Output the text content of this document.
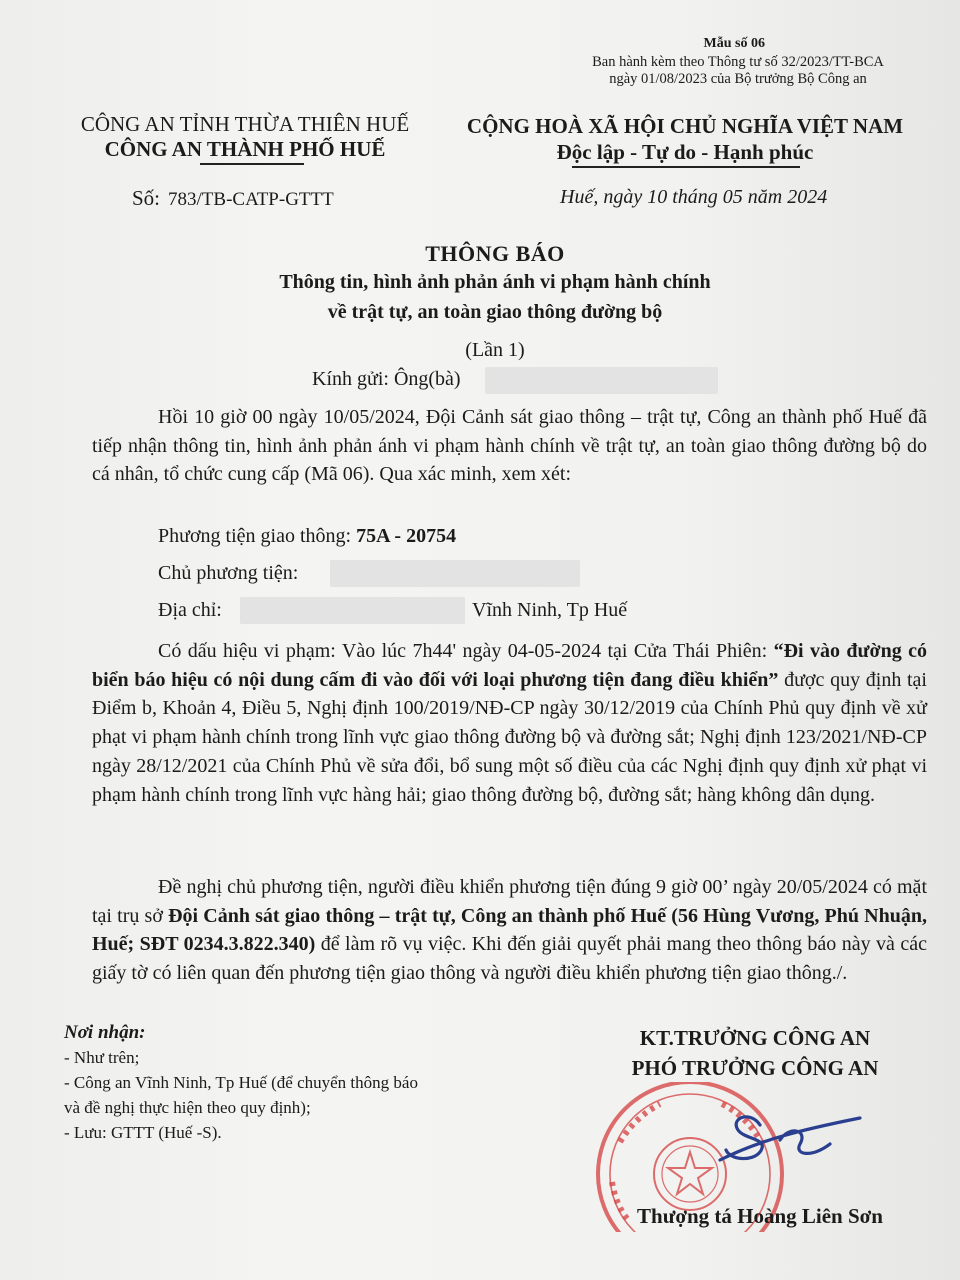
Mẫu số 06
Ban hành kèm theo Thông tư số 32/2023/TT-BCA
ngày 01/08/2023 của Bộ trưởng Bộ Công an
CÔNG AN TỈNH THỪA THIÊN HUẾ
CÔNG AN THÀNH PHỐ HUẾ
CỘNG HOÀ XÃ HỘI CHỦ NGHĨA VIỆT NAM
Độc lập - Tự do - Hạnh phúc
Số: 783/TB-CATP-GTTT	Huế, ngày 10 tháng 05 năm 2024
THÔNG BÁO
Thông tin, hình ảnh phản ánh vi phạm hành chính
về trật tự, an toàn giao thông đường bộ
(Lần 1)
Kính gửi: Ông(bà)
Hồi 10 giờ 00 ngày 10/05/2024, Đội Cảnh sát giao thông – trật tự, Công an thành phố Huế đã tiếp nhận thông tin, hình ảnh phản ánh vi phạm hành chính về trật tự, an toàn giao thông đường bộ do cá nhân, tổ chức cung cấp (Mã 06). Qua xác minh, xem xét:
Phương tiện giao thông: 75A - 20754
Chủ phương tiện:
Địa chỉ:	Vĩnh Ninh, Tp Huế
Có dấu hiệu vi phạm: Vào lúc 7h44' ngày 04-05-2024 tại Cửa Thái Phiên: “Đi vào đường có biển báo hiệu có nội dung cấm đi vào đối với loại phương tiện đang điều khiển” được quy định tại Điểm b, Khoản 4, Điều 5, Nghị định 100/2019/NĐ-CP ngày 30/12/2019 của Chính Phủ quy định về xử phạt vi phạm hành chính trong lĩnh vực giao thông đường bộ và đường sắt; Nghị định 123/2021/NĐ-CP ngày 28/12/2021 của Chính Phủ về sửa đổi, bổ sung một số điều của các Nghị định quy định xử phạt vi phạm hành chính trong lĩnh vực hàng hải; giao thông đường bộ, đường sắt; hàng không dân dụng.
Đề nghị chủ phương tiện, người điều khiển phương tiện đúng 9 giờ 00’ ngày 20/05/2024 có mặt tại trụ sở Đội Cảnh sát giao thông – trật tự, Công an thành phố Huế (56 Hùng Vương, Phú Nhuận, Huế; SĐT 0234.3.822.340) để làm rõ vụ việc. Khi đến giải quyết phải mang theo thông báo này và các giấy tờ có liên quan đến phương tiện giao thông và người điều khiển phương tiện giao thông./.
Nơi nhận:
- Như trên;
- Công an Vĩnh Ninh, Tp Huế (để chuyển thông báo
và đề nghị thực hiện theo quy định);
- Lưu: GTTT (Huế -S).
KT.TRƯỞNG CÔNG AN
PHÓ TRƯỞNG CÔNG AN
Thượng tá Hoàng Liên Sơn
